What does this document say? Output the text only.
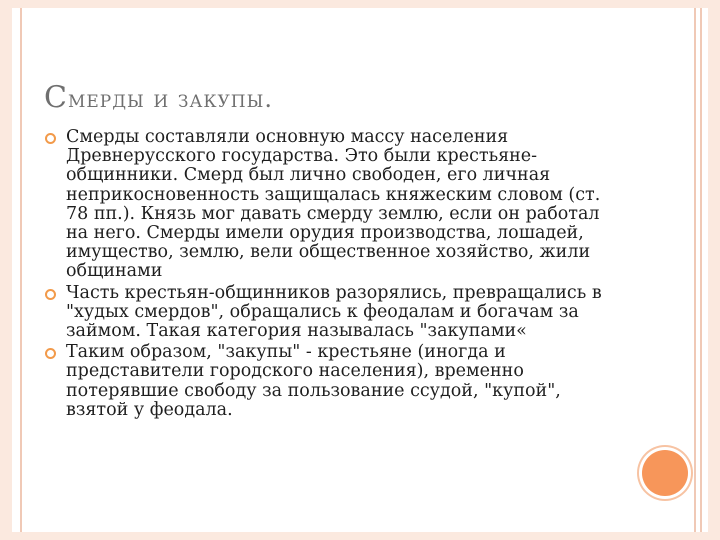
Смерды и закупы.
Смерды составляли основную массу населения Древнерусского государства. Это были крестьяне-общинники. Смерд был лично свободен, его личная неприкосновенность защищалась княжеским словом (ст. 78 пп.). Князь мог давать смерду землю, если он работал на него. Смерды имели орудия производства, лошадей, имущество, землю, вели общественное хозяйство, жили общинами
Часть крестьян-общинников разорялись, превращались в "худых смердов", обращались к феодалам и богачам за займом. Такая категория называлась "закупами«
Таким образом, "закупы" - крестьяне (иногда и представители городского населения), временно потерявшие свободу за пользование ссудой, "купой", взятой у феодала.
